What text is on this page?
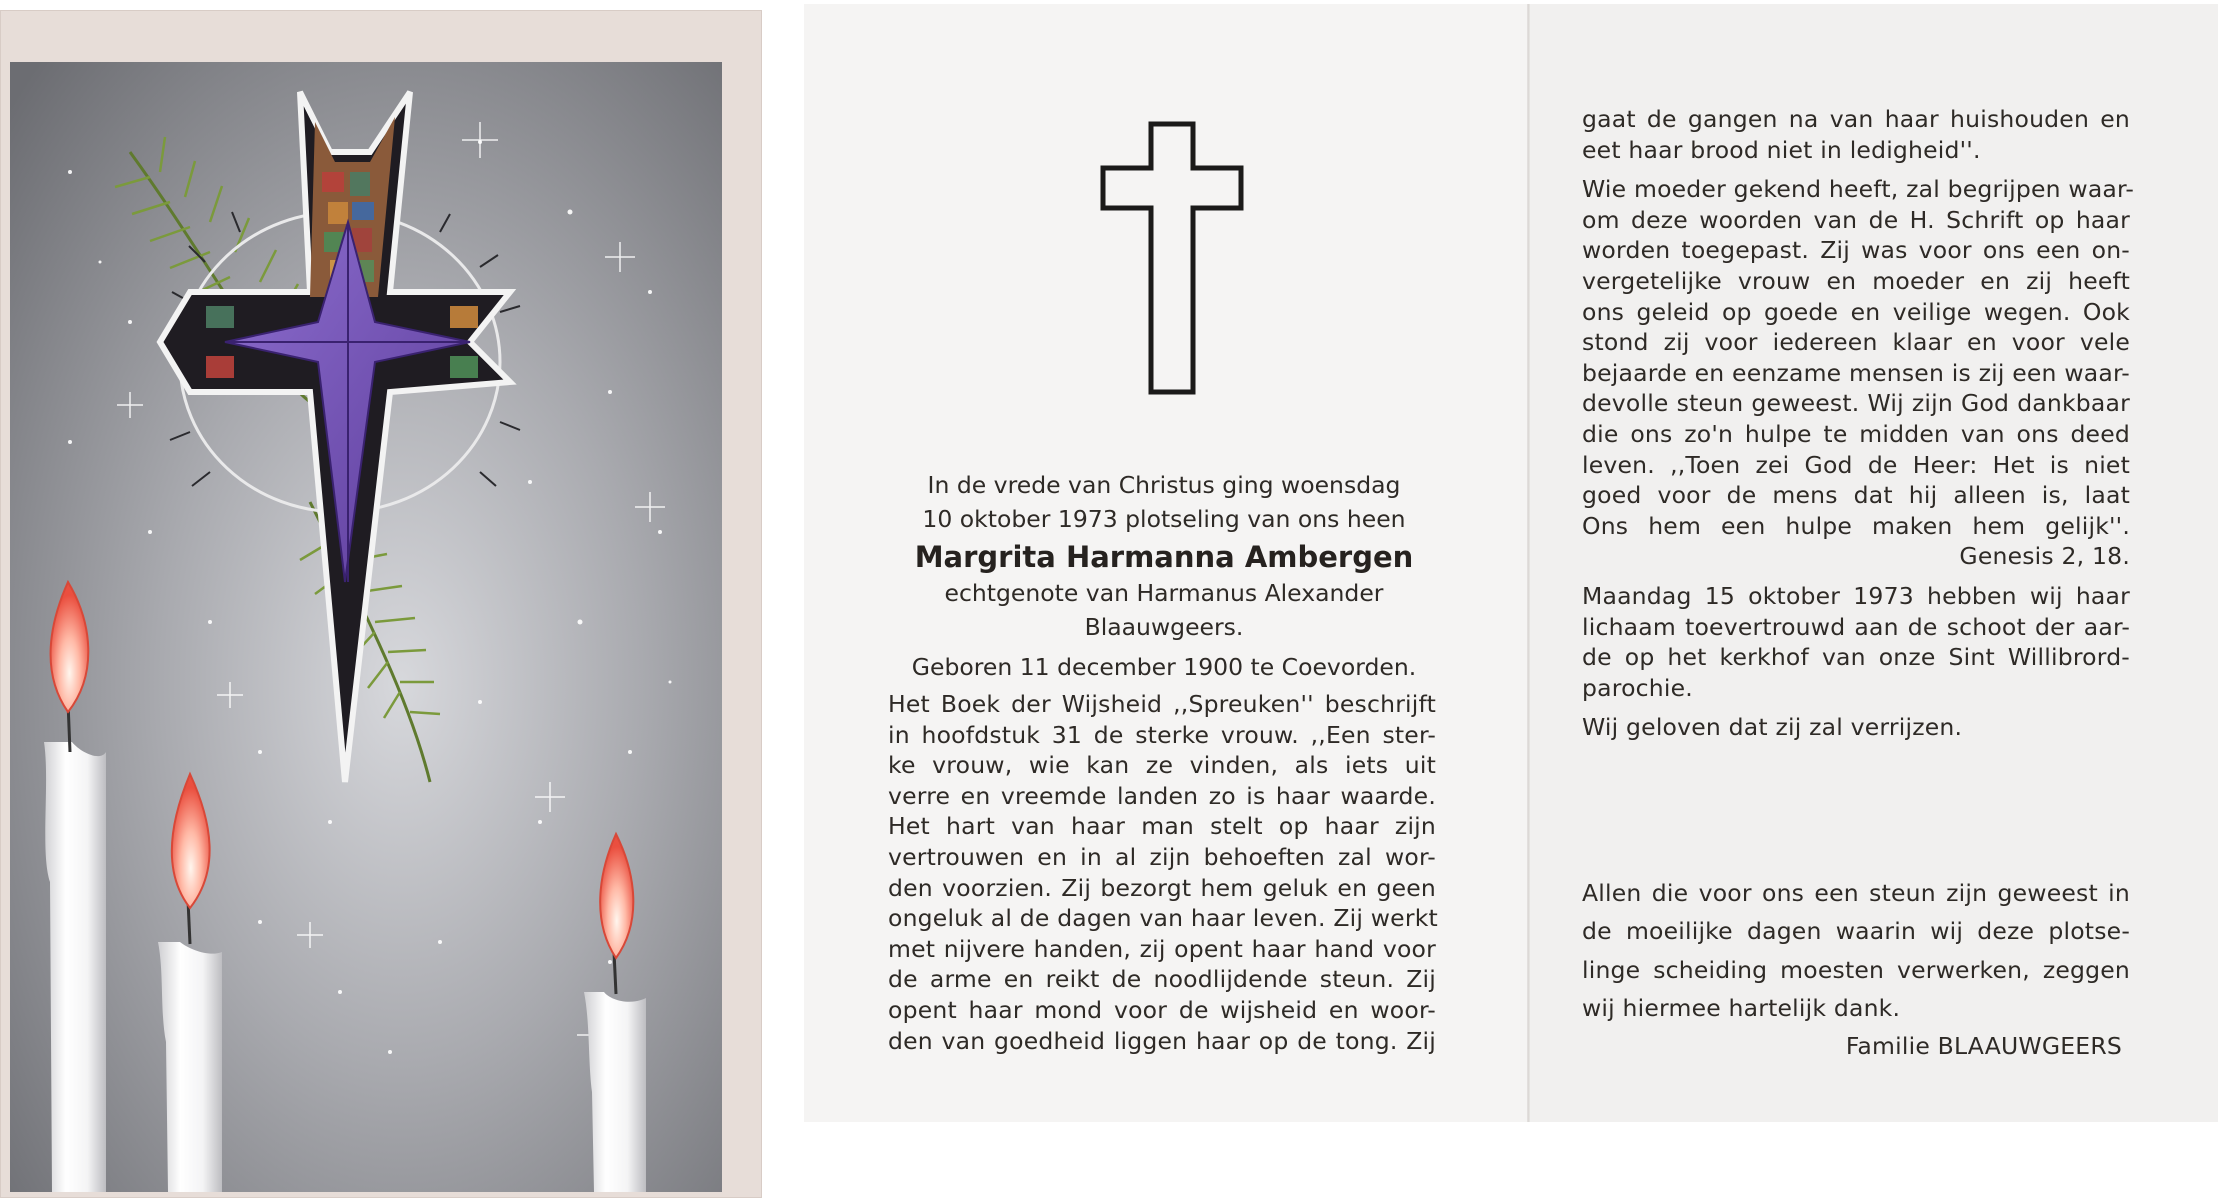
In de vrede van Christus ging woensdag
10 oktober 1973 plotseling van ons heen
Margrita Harmanna Ambergen
echtgenote van Harmanus Alexander
Blaauwgeers.
Geboren 11 december 1900 te Coevorden.
Het Boek der Wijsheid ,,Spreuken'' beschrijft
in hoofdstuk 31 de sterke vrouw. ,,Een ster-
ke vrouw, wie kan ze vinden, als iets uit
verre en vreemde landen zo is haar waarde.
Het hart van haar man stelt op haar zijn
vertrouwen en in al zijn behoeften zal wor-
den voorzien. Zij bezorgt hem geluk en geen
ongeluk al de dagen van haar leven. Zij werkt
met nijvere handen, zij opent haar hand voor
de arme en reikt de noodlijdende steun. Zij
opent haar mond voor de wijsheid en woor-
den van goedheid liggen haar op de tong. Zij
gaat de gangen na van haar huishouden en
eet haar brood niet in ledigheid''.
Wie moeder gekend heeft, zal begrijpen waar-
om deze woorden van de H. Schrift op haar
worden toegepast. Zij was voor ons een on-
vergetelijke vrouw en moeder en zij heeft
ons geleid op goede en veilige wegen. Ook
stond zij voor iedereen klaar en voor vele
bejaarde en eenzame mensen is zij een waar-
devolle steun geweest. Wij zijn God dankbaar
die ons zo'n hulpe te midden van ons deed
leven. ,,Toen zei God de Heer: Het is niet
goed voor de mens dat hij alleen is, laat
Ons hem een hulpe maken hem gelijk''.
Genesis 2, 18.
Maandag 15 oktober 1973 hebben wij haar
lichaam toevertrouwd aan de schoot der aar-
de op het kerkhof van onze Sint Willibrord-
parochie.
Wij geloven dat zij zal verrijzen.
Allen die voor ons een steun zijn geweest in
de moeilijke dagen waarin wij deze plotse-
linge scheiding moesten verwerken, zeggen
wij hiermee hartelijk dank.
Familie BLAAUWGEERS
